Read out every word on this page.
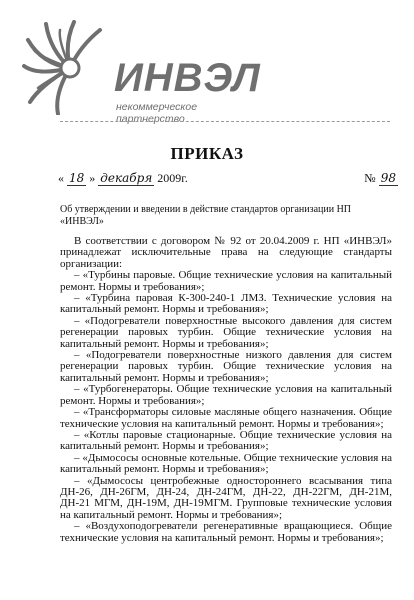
ИНВЭЛ
некоммерческое партнерство
ПРИКАЗ
« 18 » декабря 2009г.	№ 98
Об утверждении и введении в действие стандартов организации НП «ИНВЭЛ»

В соответствии с договором № 92 от 20.04.2009 г. НП «ИНВЭЛ» принадлежат исключительные права на следующие стандарты организации:

– «Турбины паровые. Общие технические условия на капитальный ремонт. Нормы и требования»;

– «Турбина паровая К-300-240-1 ЛМЗ. Технические условия на капитальный ремонт. Нормы и требования»;

– «Подогреватели поверхностные высокого давления для систем регенерации паровых турбин. Общие технические условия на капитальный ремонт. Нормы и требования»;

– «Подогреватели поверхностные низкого давления для систем регенерации паровых турбин. Общие технические условия на капитальный ремонт. Нормы и требования»;

– «Турбогенераторы. Общие технические условия на капитальный ремонт. Нормы и требования»;

– «Трансформаторы силовые масляные общего назначения. Общие технические условия на капитальный ремонт. Нормы и требования»;

– «Котлы паровые стационарные. Общие технические условия на капитальный ремонт. Нормы и требования»;

– «Дымососы основные котельные. Общие технические условия на капитальный ремонт. Нормы и требования»;

– «Дымососы центробежные одностороннего всасывания типа ДН-26, ДН-26ГМ, ДН-24, ДН-24ГМ, ДН-22, ДН-22ГМ, ДН-21М, ДН-21 МГМ, ДН-19М, ДН-19МГМ. Групповые технические условия на капитальный ремонт. Нормы и требования»;

– «Воздухоподогреватели регенеративные вращающиеся. Общие технические условия на капитальный ремонт. Нормы и требования»;
